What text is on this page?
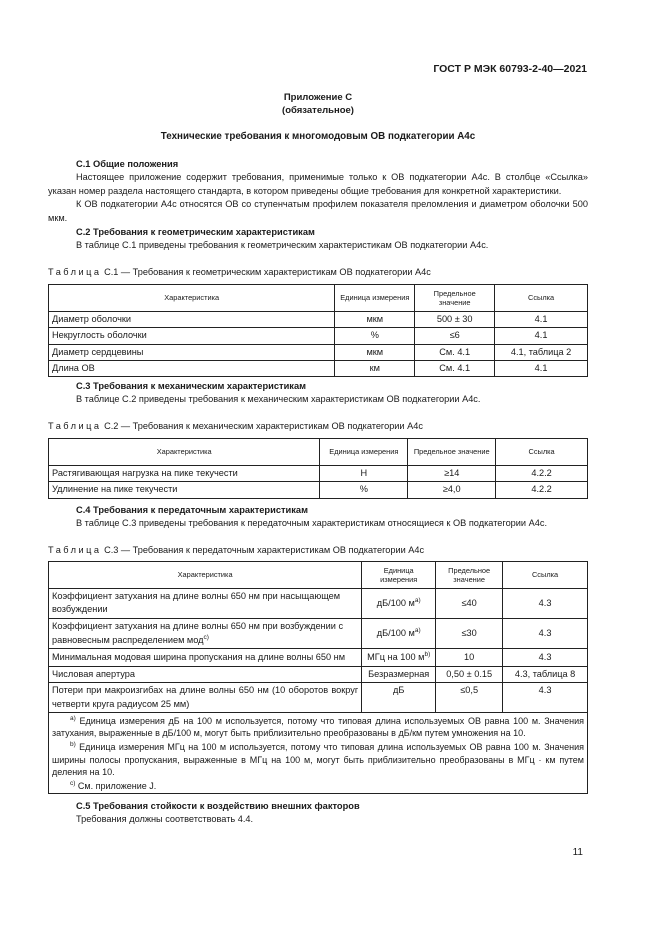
ГОСТ Р МЭК 60793-2-40—2021
Приложение С
(обязательное)
Технические требования к многомодовым ОВ подкатегории А4с
С.1 Общие положения

Настоящее приложение содержит требования, применимые только к ОВ подкатегории А4с. В столбце «Ссылка» указан номер раздела настоящего стандарта, в котором приведены общие требования для конкретной характеристики.

К ОВ подкатегории А4с относятся ОВ со ступенчатым профилем показателя преломления и диаметром оболочки 500 мкм.

С.2 Требования к геометрическим характеристикам

В таблице С.1 приведены требования к геометрическим характеристикам ОВ подкатегории А4с.

Таблица С.1 — Требования к геометрическим характеристикам ОВ подкатегории А4с
Характеристика	Единица измерения	Предельное значение	Ссылка
Диаметр оболочки	мкм	500 ± 30	4.1
Некруглость оболочки	%	≤6	4.1
Диаметр сердцевины	мкм	См. 4.1	4.1, таблица 2
Длина ОВ	км	См. 4.1	4.1
С.3 Требования к механическим характеристикам

В таблице С.2 приведены требования к механическим характеристикам ОВ подкатегории А4с.

Таблица С.2 — Требования к механическим характеристикам ОВ подкатегории А4с
Характеристика	Единица измерения	Предельное значение	Ссылка
Растягивающая нагрузка на пике текучести	Н	≥14	4.2.2
Удлинение на пике текучести	%	≥4,0	4.2.2
С.4 Требования к передаточным характеристикам

В таблице С.3 приведены требования к передаточным характеристикам относящиеся к ОВ подкатегории А4с.

Таблица С.3 — Требования к передаточным характеристикам ОВ подкатегории А4с
Характеристика	Единица измерения	Предельное значение	Ссылка
Коэффициент затухания на длине волны 650 нм при насыщающем возбуждении	дБ/100 $м^{a)}$	≤40	4.3
Коэффициент затухания на длине волны 650 нм при возбуждении с равновесным распределением мод$^{c)}$	дБ/100 $м^{a)}$	≤30	4.3
Минимальная модовая ширина пропускания на длине волны 650 нм	МГц на 100 $м^{b)}$	10	4.3
Числовая апертура	Безразмерная	0,50 ± 0.15	4.3, таблица 8
Потери при макроизгибах на длине волны 650 нм (10 оборотов вокруг четверти круга радиусом 25 мм)	дБ	≤0,5	4.3

$^{a)}$ Единица измерения дБ на 100 м используется, потому что типовая длина используемых ОВ равна 100 м. Значения затухания, выраженные в дБ/100 м, могут быть приблизительно преобразованы в дБ/км путем умножения на 10.
$^{b)}$ Единица измерения МГц на 100 м используется, потому что типовая длина используемых ОВ равна 100 м. Значения ширины полосы пропускания, выраженные в МГц на 100 м, могут быть приблизительно преобразованы в МГц · км путем деления на 10.
$^{c)}$ См. приложение J.			
С.5 Требования стойкости к воздействию внешних факторов

Требования должны соответствовать 4.4.

11
